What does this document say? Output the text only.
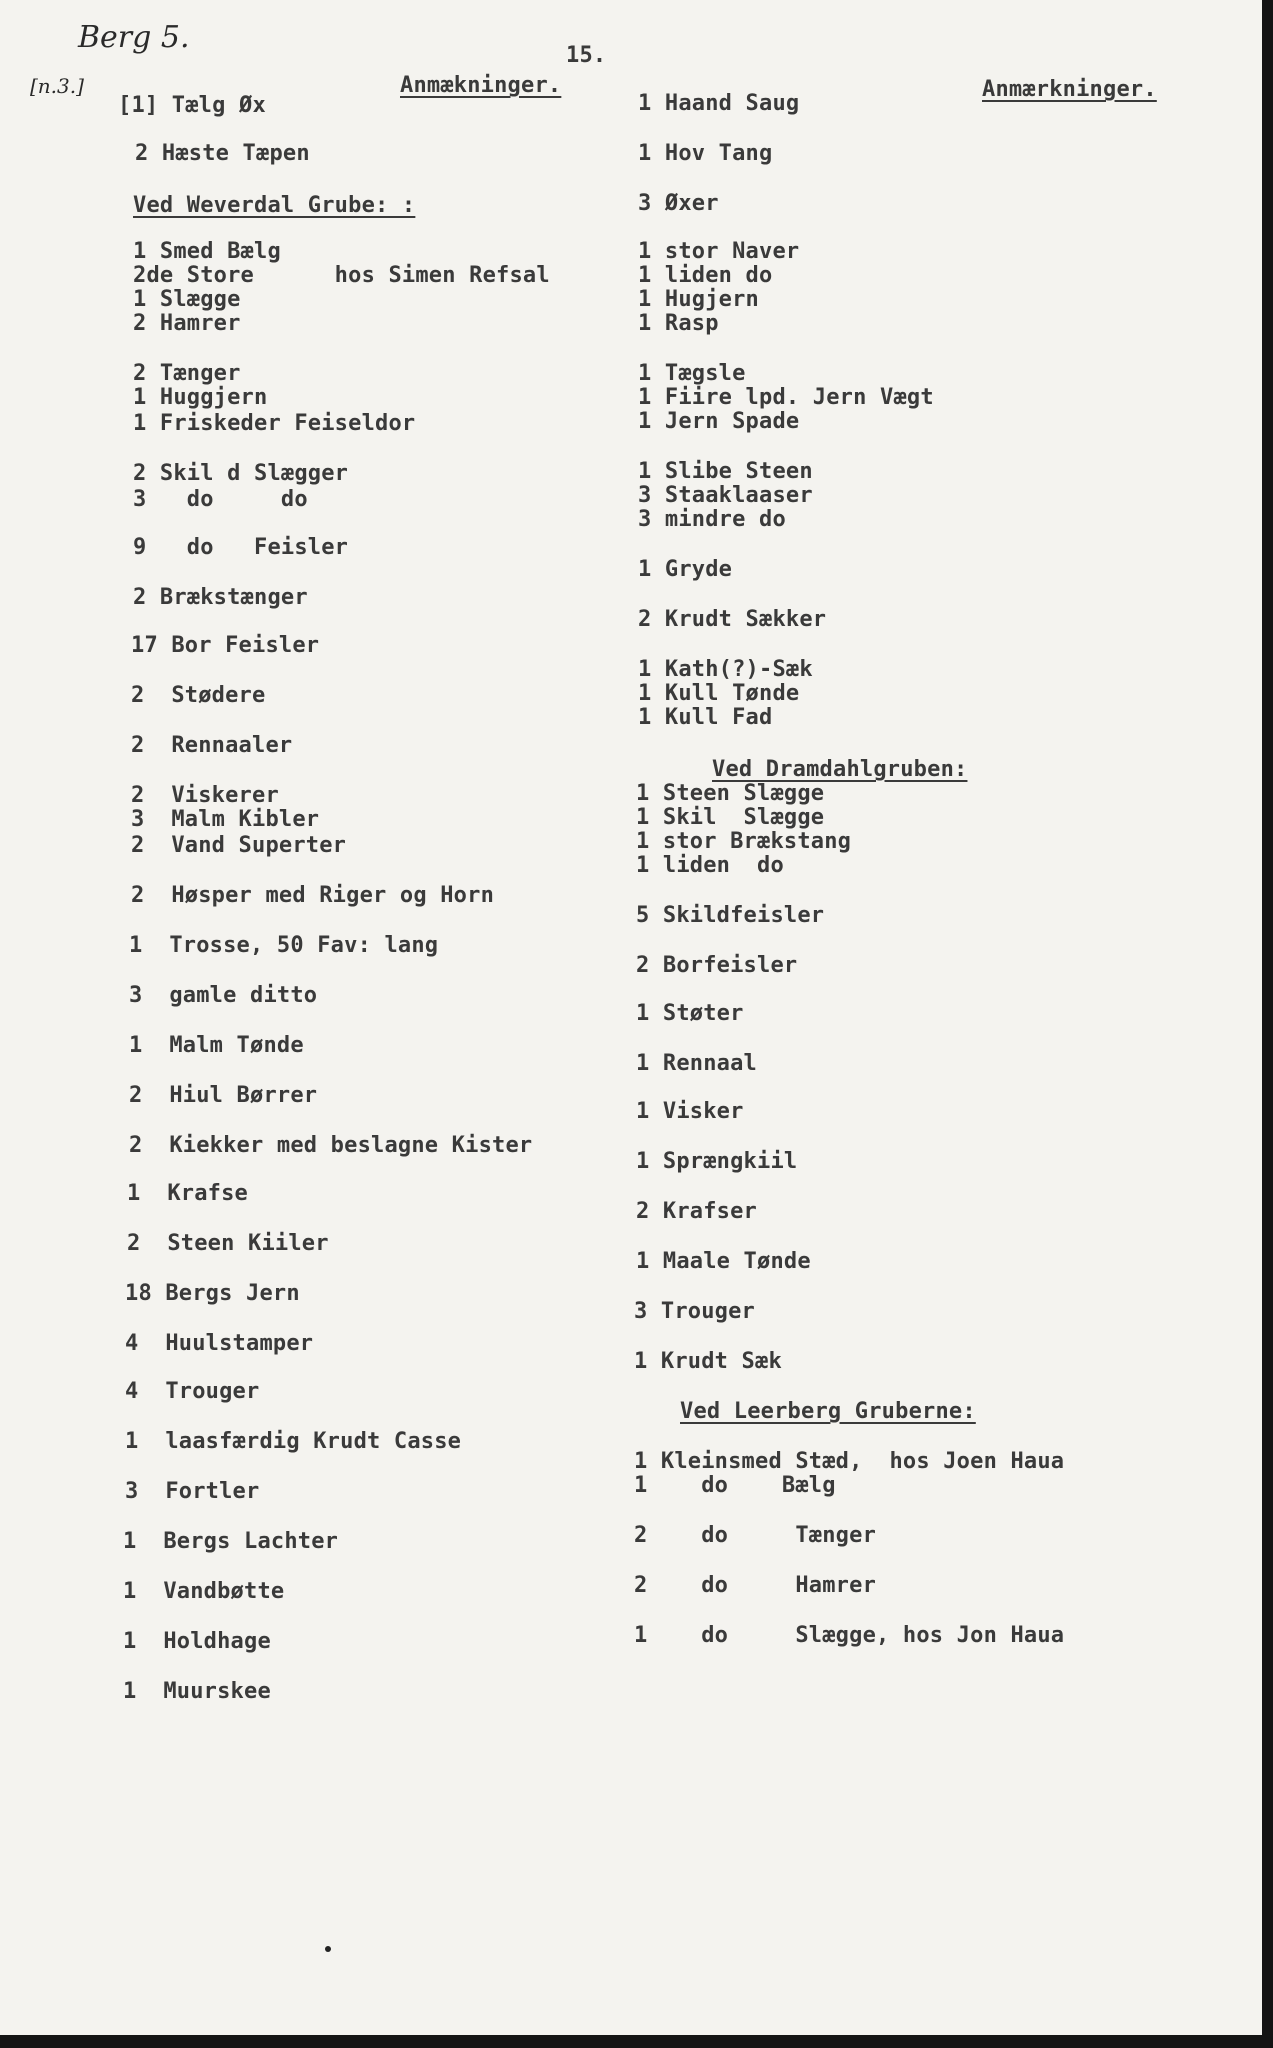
Berg 5.
[n.3.]
15.
Anmækninger.	Anmærkninger.
[1] Tælg Øx
2 Hæste Tæpen
Ved Weverdal Grube: :
1 Smed Bælg
2de Store      hos Simen Refsal
1 Slægge
2 Hamrer
2 Tænger
1 Huggjern
1 Friskeder Feiseldor
2 Skil d Slægger
3   do     do
9   do   Feisler
2 Brækstænger
17 Bor Feisler
2  Stødere
2  Rennaaler
2  Viskerer
3  Malm Kibler
2  Vand Superter
2  Høsper med Riger og Horn
1  Trosse, 50 Fav: lang
3  gamle ditto
1  Malm Tønde
2  Hiul Børrer
2  Kiekker med beslagne Kister
1  Krafse
2  Steen Kiiler
18 Bergs Jern
4  Huulstamper
4  Trouger
1  laasfærdig Krudt Casse
3  Fortler
1  Bergs Lachter
1  Vandbøtte
1  Holdhage
1  Muurskee
1 Haand Saug
1 Hov Tang
3 Øxer
1 stor Naver
1 liden do
1 Hugjern
1 Rasp
1 Tægsle
1 Fiire lpd. Jern Vægt
1 Jern Spade
1 Slibe Steen
3 Staaklaaser
3 mindre do
1 Gryde
2 Krudt Sækker
1 Kath(?)-Sæk
1 Kull Tønde
1 Kull Fad
Ved Dramdahlgruben:
1 Steen Slægge
1 Skil  Slægge
1 stor Brækstang
1 liden  do
5 Skildfeisler
2 Borfeisler
1 Støter
1 Rennaal
1 Visker
1 Sprængkiil
2 Krafser
1 Maale Tønde
3 Trouger
1 Krudt Sæk
Ved Leerberg Gruberne:
1 Kleinsmed Stæd,  hos Joen Haua
1    do    Bælg
2    do     Tænger
2    do     Hamrer
1    do     Slægge, hos Jon Haua
